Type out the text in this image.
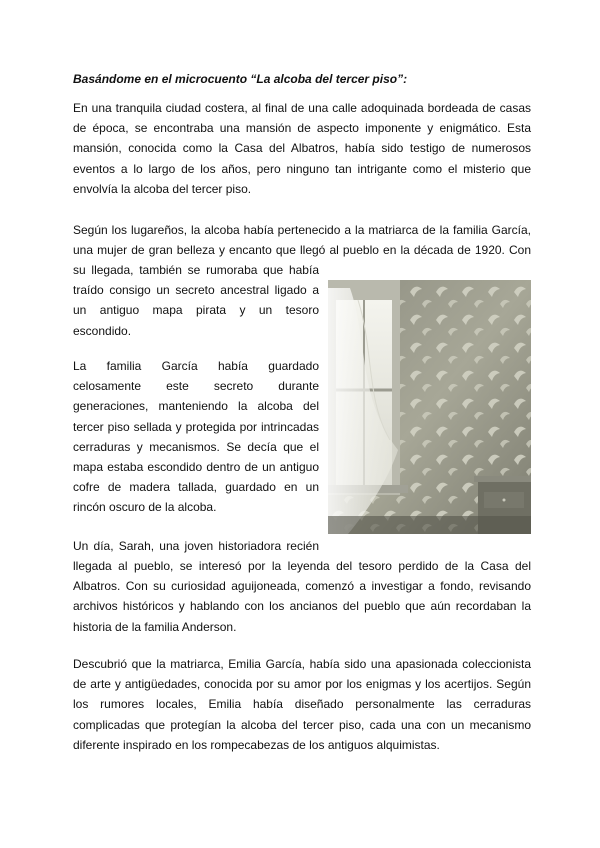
Basándome en el microcuento “La alcoba del tercer piso”:
En una tranquila ciudad costera, al final de una calle adoquinada bordeada de casas
de época, se encontraba una mansión de aspecto imponente y enigmático. Esta
mansión, conocida como la Casa del Albatros, había sido testigo de numerosos
eventos a lo largo de los años, pero ninguno tan intrigante como el misterio que
envolvía la alcoba del tercer piso.
Según los lugareños, la alcoba había pertenecido a la matriarca de la familia García,
una mujer de gran belleza y encanto que llegó al pueblo en la década de 1920. Con
su llegada, también se rumoraba que había
traído consigo un secreto ancestral ligado a
un antiguo mapa pirata y un tesoro
escondido.
La familia García había guardado
celosamente este secreto durante
generaciones, manteniendo la alcoba del
tercer piso sellada y protegida por intrincadas
cerraduras y mecanismos. Se decía que el
mapa estaba escondido dentro de un antiguo
cofre de madera tallada, guardado en un
rincón oscuro de la alcoba.
Un día, Sarah, una joven historiadora recién
llegada al pueblo, se interesó por la leyenda del tesoro perdido de la Casa del
Albatros. Con su curiosidad aguijoneada, comenzó a investigar a fondo, revisando
archivos históricos y hablando con los ancianos del pueblo que aún recordaban la
historia de la familia Anderson.
Descubrió que la matriarca, Emilia García, había sido una apasionada coleccionista
de arte y antigüedades, conocida por su amor por los enigmas y los acertijos. Según
los rumores locales, Emilia había diseñado personalmente las cerraduras
complicadas que protegían la alcoba del tercer piso, cada una con un mecanismo
diferente inspirado en los rompecabezas de los antiguos alquimistas.
